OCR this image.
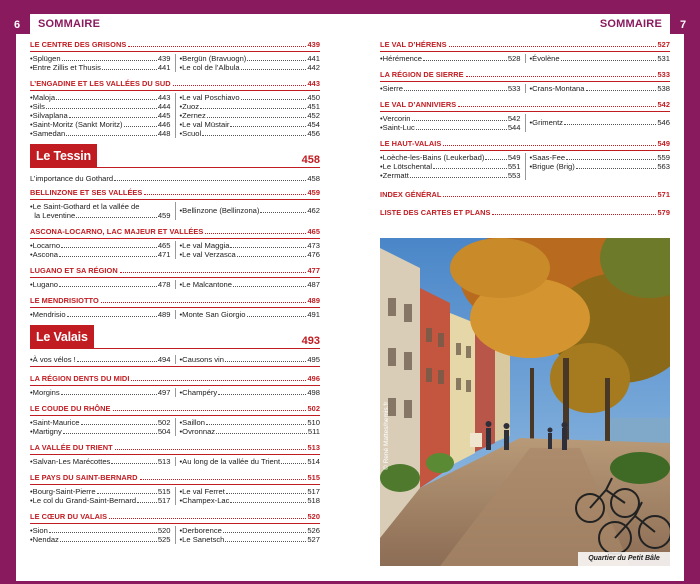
6	SOMMAIRE	7
SOMMAIRE
LE CENTRE DES GRISONS	439
• Splügen	439
• Entre Zillis et Thusis	441
• Bergün (Bravuogn)	441
• Le col de l’Albula	442
L’ENGADINE ET LES VALLÉES DU SUD	443
• Maloja	443
• Sils	444
• Silvaplana	445
• Saint-Moritz (Sankt Moritz)	446
• Samedan	448
• Le val Poschiavo	450
• Zuoz	451
• Zernez	452
• Le val Müstair	454
• Scuol	456
Le Tessin	458
L’importance du Gothard	458
BELLINZONE ET SES VALLÉES	459
• Le Saint-Gothard et la vallée de

la Leventine	459
• Bellinzone (Bellinzona)	462
ASCONA-LOCARNO, LAC MAJEUR ET VALLÉES	465
• Locarno	465
• Ascona	471
• Le val Maggia	473
• Le val Verzasca	476
LUGANO ET SA RÉGION	477
• Lugano	478 • Le Malcantone	487
LE MENDRISIOTTO	489
• Mendrisio	489 • Monte San Giorgio	491
Le Valais	493
• À vos vélos !	494 • Causons vin	495
LA RÉGION DENTS DU MIDI	496
• Morgins	497 • Champéry	498
LE COUDE DU RHÔNE	502
• Saint-Maurice	502
• Martigny	504
• Saillon	510
• Ovronnaz	511
LA VALLÉE DU TRIENT	513
• Salvan-Les Marécottes	513 • Au long de la vallée du Trient	514
LE PAYS DU SAINT-BERNARD	515
• Bourg-Saint-Pierre	515
• Le col du Grand-Saint-Bernard	517
• Le val Ferret	517
• Champex-Lac	518
LE CŒUR DU VALAIS	520
• Sion	520
• Nendaz	525
• Derborence	526
• Le Sanetsch	527
LE VAL D’HÉRENS	527
• Hérémence	528 • Évolène	531
LA RÉGION DE SIERRE	533
• Sierre	533 • Crans-Montana	538
LE VAL D’ANNIVIERS	542
• Vercorin	542
• Saint-Luc	544
• Grimentz	546
LE HAUT-VALAIS	549
• Loèche-les-Bains (Leukerbad)	549
• Le Lötschental	551
• Zermatt	553
• Saas-Fee	559
• Brigue (Brig)	563
INDEX GÉNÉRAL	571
LISTE DES CARTES ET PLANS	579
© René Mattes/hemis.fr
Quartier du Petit Bâle
